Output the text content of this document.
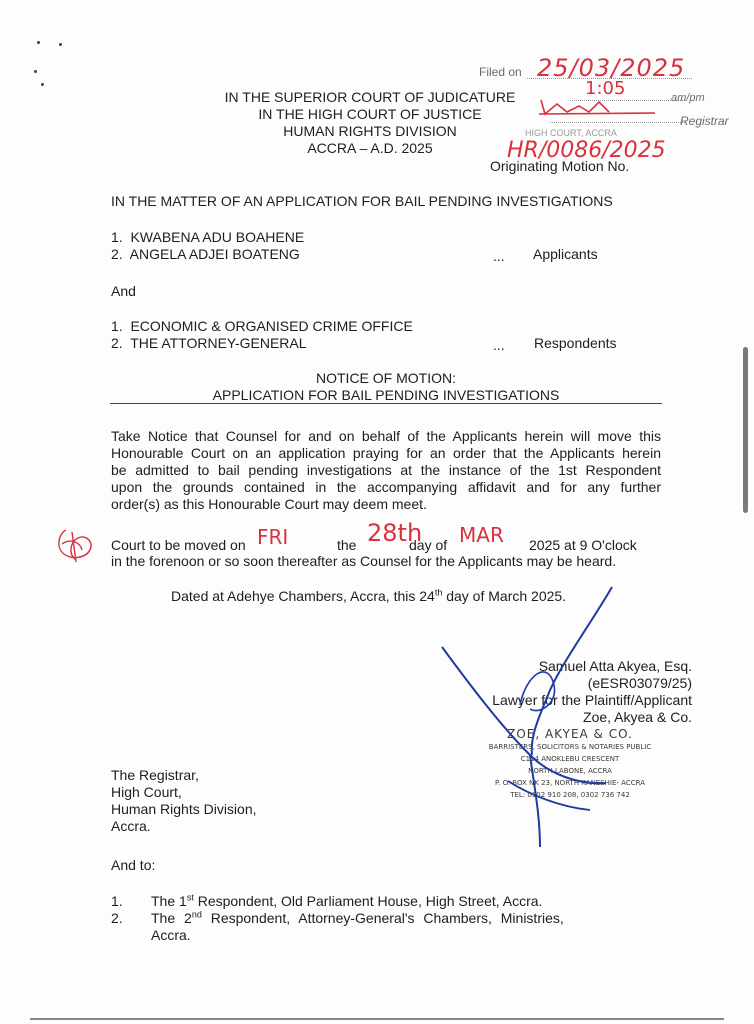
IN THE SUPERIOR COURT OF JUDICATURE
IN THE HIGH COURT OF JUSTICE
HUMAN RIGHTS DIVISION
ACCRA – A.D. 2025
Filed on 25/03/2025
1:05	am/pm
Registrar
HIGH COURT, ACCRA
HR/0086/2025
Originating Motion No.
IN THE MATTER OF AN APPLICATION FOR BAIL PENDING INVESTIGATIONS
1.  KWABENA ADU BOAHENE
2.  ANGELA ADJEI BOATENG	... Applicants
And
1.  ECONOMIC & ORGANISED CRIME OFFICE
2.  THE ATTORNEY-GENERAL	... Respondents
NOTICE OF MOTION:
APPLICATION FOR BAIL PENDING INVESTIGATIONS
Take Notice that Counsel for and on behalf of the Applicants herein will move this
Honourable Court on an application praying for an order that the Applicants herein
be admitted to bail pending investigations at the instance of the 1st Respondent
upon the grounds contained in the accompanying affidavit and for any further
order(s) as this Honourable Court may deem meet.
Court to be moved on FRI	the 28th
day of MAR 2025 at 9 O'clock
in the forenoon or so soon thereafter as Counsel for the Applicants may be heard.
Dated at Adehye Chambers, Accra, this 24th day of March 2025.
Samuel Atta Akyea, Esq.
(eESR03079/25)
Lawyer for the Plaintiff/Applicant
Zoe, Akyea & Co.
ZOE, AKYEA & CO.
BARRISTERS, SOLICITORS & NOTARIES PUBLIC
C114 ANOKLEBU CRESCENT
NORTH LABONE, ACCRA
P. O. BOX NK 23, NORTH KANESHIE- ACCRA
TEL: 0302 910 208, 0302 736 742
The Registrar,
High Court,
Human Rights Division,
Accra.
And to:
1. The 1st Respondent, Old Parliament House, High Street, Accra.
2. The 2nd Respondent, Attorney-General's Chambers, Ministries,
Accra.
